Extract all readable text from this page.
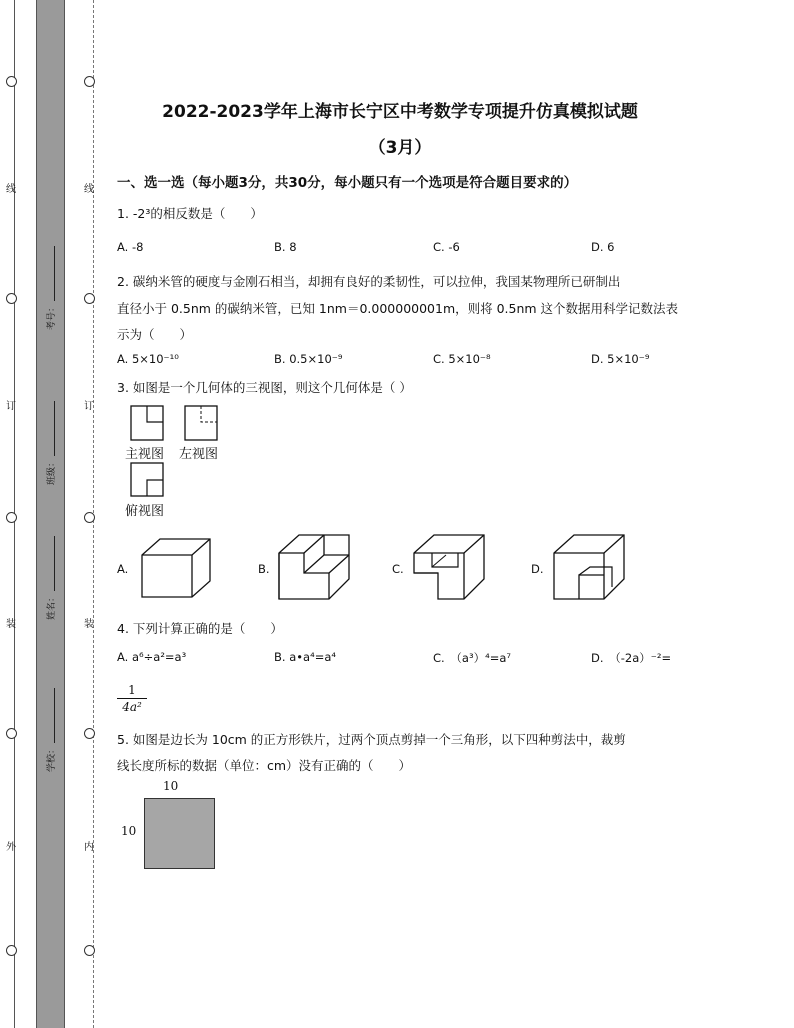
线
订
装
外
线
订
装
内
考号：
班级：
姓名：
学校：
2022-2023学年上海市长宁区中考数学专项提升仿真模拟试题
（3月）
一、选一选（每小题3分，共30分，每小题只有一个选项是符合题目要求的）
1. -2³的相反数是（　　）
A. -8	B. 8	C. -6	D. 6
2. 碳纳米管的硬度与金刚石相当，却拥有良好的柔韧性，可以拉伸，我国某物理所已研制出
直径小于 0.5nm 的碳纳米管，已知 1nm＝0.000000001m，则将 0.5nm 这个数据用科学记数法表
示为（　　）
A. 5×10⁻¹⁰	B. 0.5×10⁻⁹	C. 5×10⁻⁸	D. 5×10⁻⁹
3. 如图是一个几何体的三视图，则这个几何体是（ ）
主视图 左视图
俯视图
A.	B.	C.	D.
4. 下列计算正确的是（　　）
A. a⁶÷a²=a³	B. a•a⁴=a⁴	C.　（a³）⁴=a⁷	D.　（-2a）⁻²=
1
4a²
5. 如图是边长为 10cm 的正方形铁片，过两个顶点剪掉一个三角形，以下四种剪法中，裁剪
线长度所标的数据（单位：cm）没有正确的（　　）
10
10
